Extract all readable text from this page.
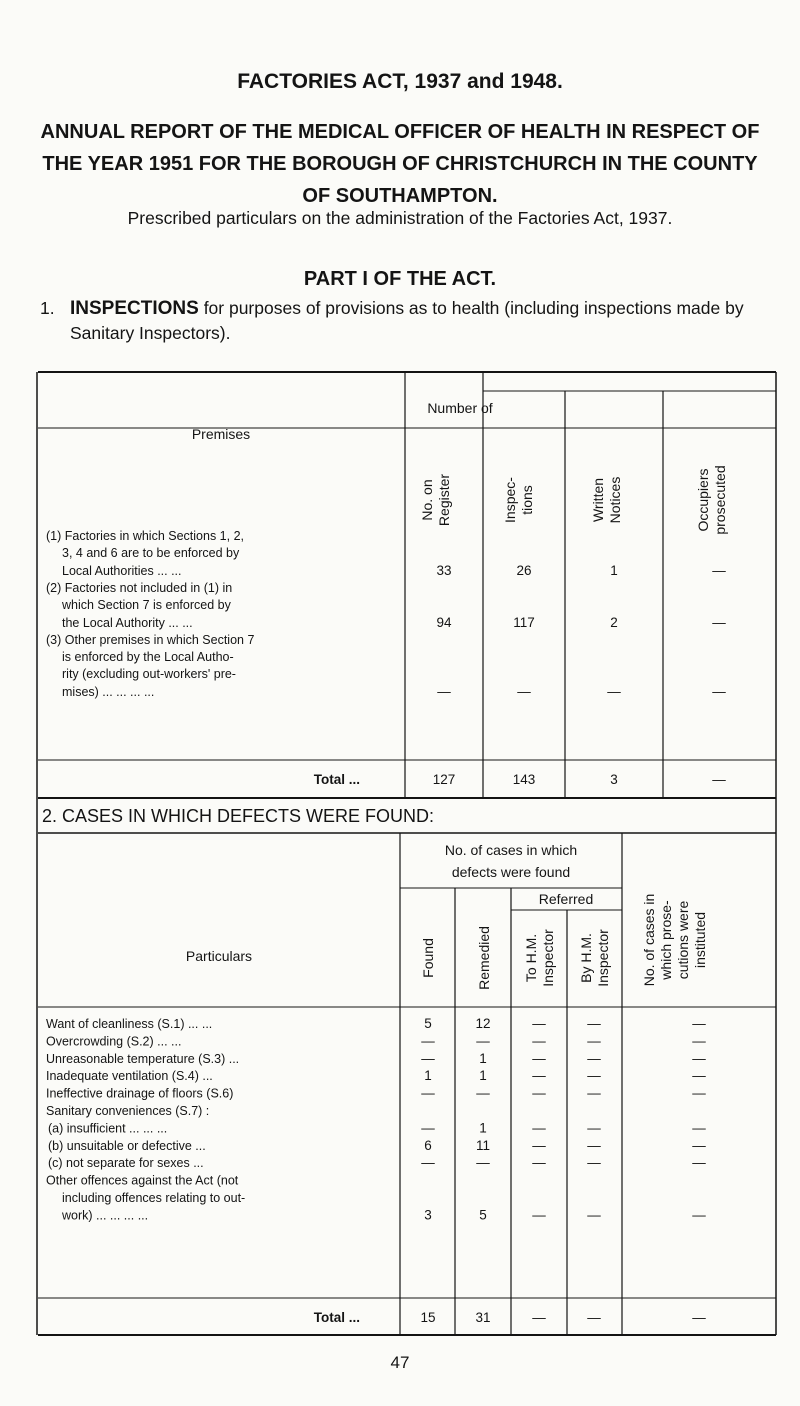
FACTORIES ACT, 1937 and 1948.
ANNUAL REPORT OF THE MEDICAL OFFICER OF HEALTH IN RESPECT OF THE YEAR 1951 FOR THE BOROUGH OF CHRISTCHURCH IN THE COUNTY OF SOUTHAMPTON.
Prescribed particulars on the administration of the Factories Act, 1937.
PART I OF THE ACT.
1. INSPECTIONS for purposes of provisions as to health (including inspections made by Sanitary Inspectors).
Premises
Number of
No. on Register	Inspec- tions	Written Notices	Occupiers prosecuted
(1) Factories in which Sections 1, 2,
3, 4 and 6 are to be enforced by
Local Authorities ... ...	33	26	1	—
(2) Factories not included in (1) in
which Section 7 is enforced by
the Local Authority ... ...	94	117	2	—
(3) Other premises in which Section 7
is enforced by the Local Autho-
rity (excluding out-workers' pre-
mises) ... ... ... ...	—	—	—	—
Total ...	127	143	3	—
2. CASES IN WHICH DEFECTS WERE FOUND:
No. of cases in which
defects were found
Particulars
Referred
Found	Remedied To H.M. Inspector By H.M. Inspector No. of cases in which prose- cutions were instituted
Want of cleanliness (S.1) ... ...	5	12	—	—	—
Overcrowding (S.2) ... ...	—	—	—	—	—
Unreasonable temperature (S.3) ...	—	1	—	—	—
Inadequate ventilation (S.4) ...	1	1	—	—	—
Ineffective drainage of floors (S.6)	—	—	—	—	—
Sanitary conveniences (S.7) :
(a) insufficient ... ... ...	—	1	—	—	—
(b) unsuitable or defective ...	6	11	—	—	—
(c) not separate for sexes ...	—	—	—	—	—
Other offences against the Act (not
including offences relating to out-
work) ... ... ... ...	3	5	—	—	—
Total ...	15	31	—	—	—
47
